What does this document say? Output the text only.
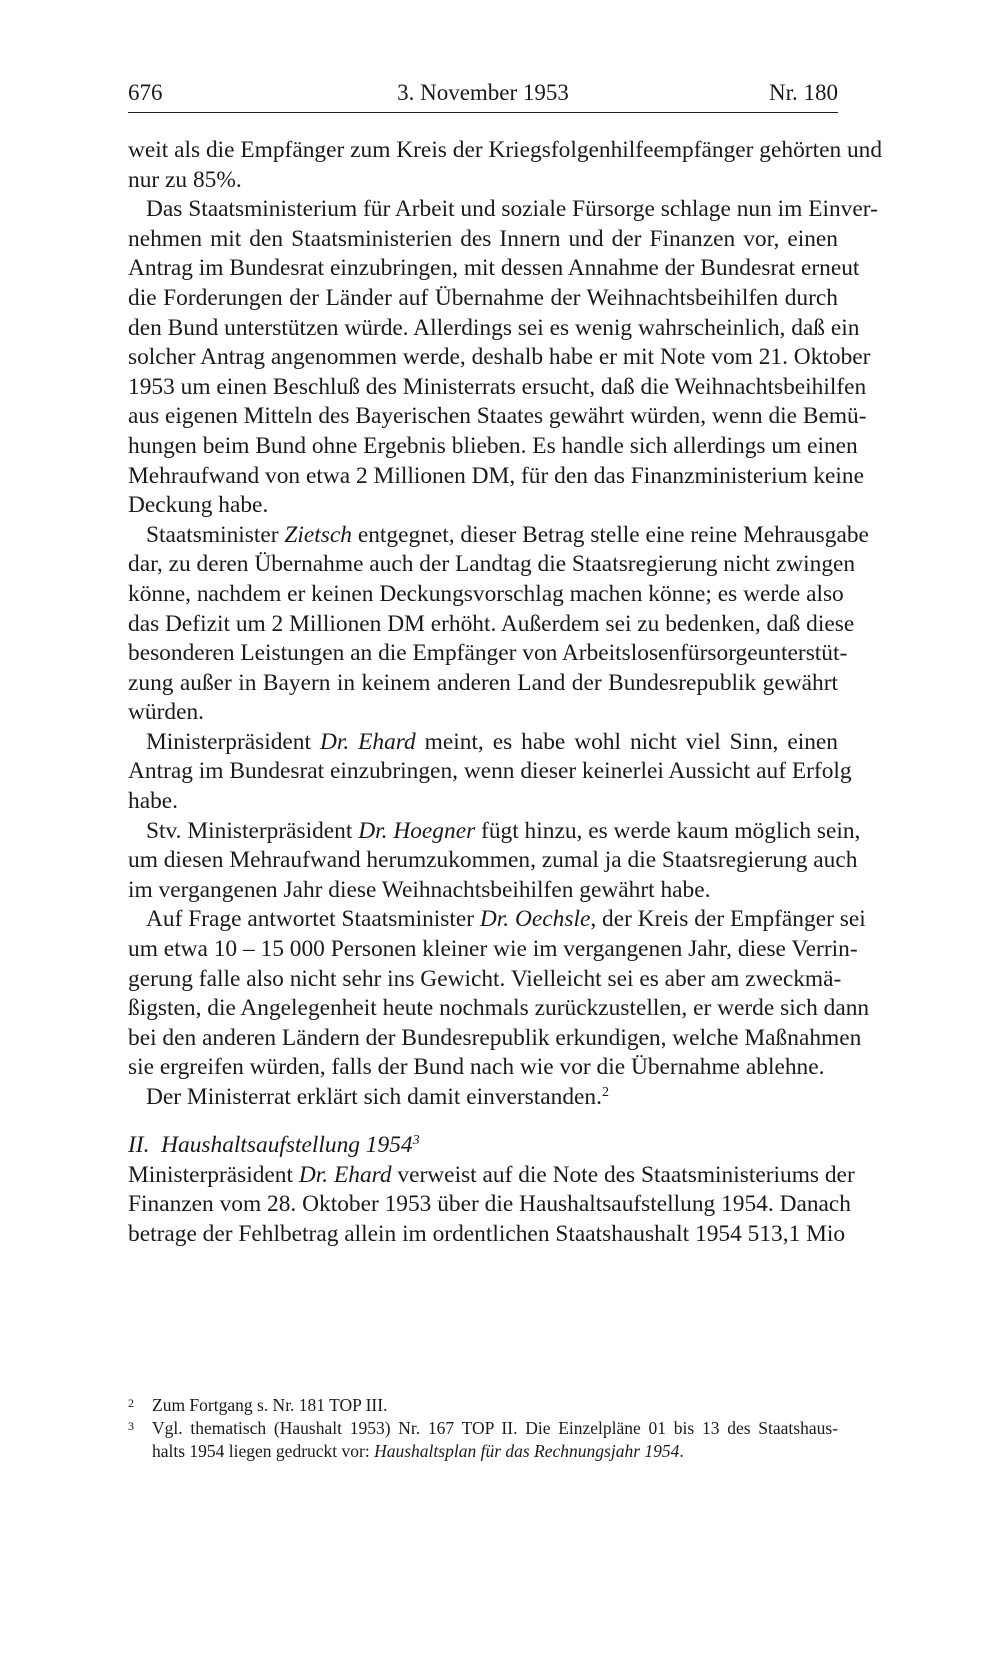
676	3. November 1953	Nr. 180
weit als die Empfänger zum Kreis der Kriegsfolgenhilfeempfänger gehörten und
nur zu 85%.
Das Staatsministerium für Arbeit und soziale Fürsorge schlage nun im Einver-
nehmen mit den Staatsministerien des Innern und der Finanzen vor, einen
Antrag im Bundesrat einzubringen, mit dessen Annahme der Bundesrat erneut
die Forderungen der Länder auf Übernahme der Weihnachtsbeihilfen durch
den Bund unterstützen würde. Allerdings sei es wenig wahrscheinlich, daß ein
solcher Antrag angenommen werde, deshalb habe er mit Note vom 21. Oktober
1953 um einen Beschluß des Ministerrats ersucht, daß die Weihnachtsbeihilfen
aus eigenen Mitteln des Bayerischen Staates gewährt würden, wenn die Bemü-
hungen beim Bund ohne Ergebnis blieben. Es handle sich allerdings um einen
Mehraufwand von etwa 2 Millionen DM, für den das Finanzministerium keine
Deckung habe.
Staatsminister Zietsch entgegnet, dieser Betrag stelle eine reine Mehrausgabe
dar, zu deren Übernahme auch der Landtag die Staatsregierung nicht zwingen
könne, nachdem er keinen Deckungsvorschlag machen könne; es werde also
das Defizit um 2 Millionen DM erhöht. Außerdem sei zu bedenken, daß diese
besonderen Leistungen an die Empfänger von Arbeitslosenfürsorgeunterstüt-
zung außer in Bayern in keinem anderen Land der Bundesrepublik gewährt
würden.
Ministerpräsident Dr. Ehard meint, es habe wohl nicht viel Sinn, einen
Antrag im Bundesrat einzubringen, wenn dieser keinerlei Aussicht auf Erfolg
habe.
Stv. Ministerpräsident Dr. Hoegner fügt hinzu, es werde kaum möglich sein,
um diesen Mehraufwand herumzukommen, zumal ja die Staatsregierung auch
im vergangenen Jahr diese Weihnachtsbeihilfen gewährt habe.
Auf Frage antwortet Staatsminister Dr. Oechsle, der Kreis der Empfänger sei
um etwa 10 – 15 000 Personen kleiner wie im vergangenen Jahr, diese Verrin-
gerung falle also nicht sehr ins Gewicht. Vielleicht sei es aber am zweckmä-
ßigsten, die Angelegenheit heute nochmals zurückzustellen, er werde sich dann
bei den anderen Ländern der Bundesrepublik erkundigen, welche Maßnahmen
sie ergreifen würden, falls der Bund nach wie vor die Übernahme ablehne.
Der Ministerrat erklärt sich damit einverstanden.$^2$
II.  Haushaltsaufstellung 1954$^3$
Ministerpräsident Dr. Ehard verweist auf die Note des Staatsministeriums der
Finanzen vom 28. Oktober 1953 über die Haushaltsaufstellung 1954. Danach
betrage der Fehlbetrag allein im ordentlichen Staatshaushalt 1954 513,1 Mio
2 Zum Fortgang s. Nr. 181 TOP III.
3 Vgl. thematisch (Haushalt 1953) Nr. 167 TOP II. Die Einzelpläne 01 bis 13 des Staatshaus-
halts 1954 liegen gedruckt vor: Haushaltsplan für das Rechnungsjahr 1954.
